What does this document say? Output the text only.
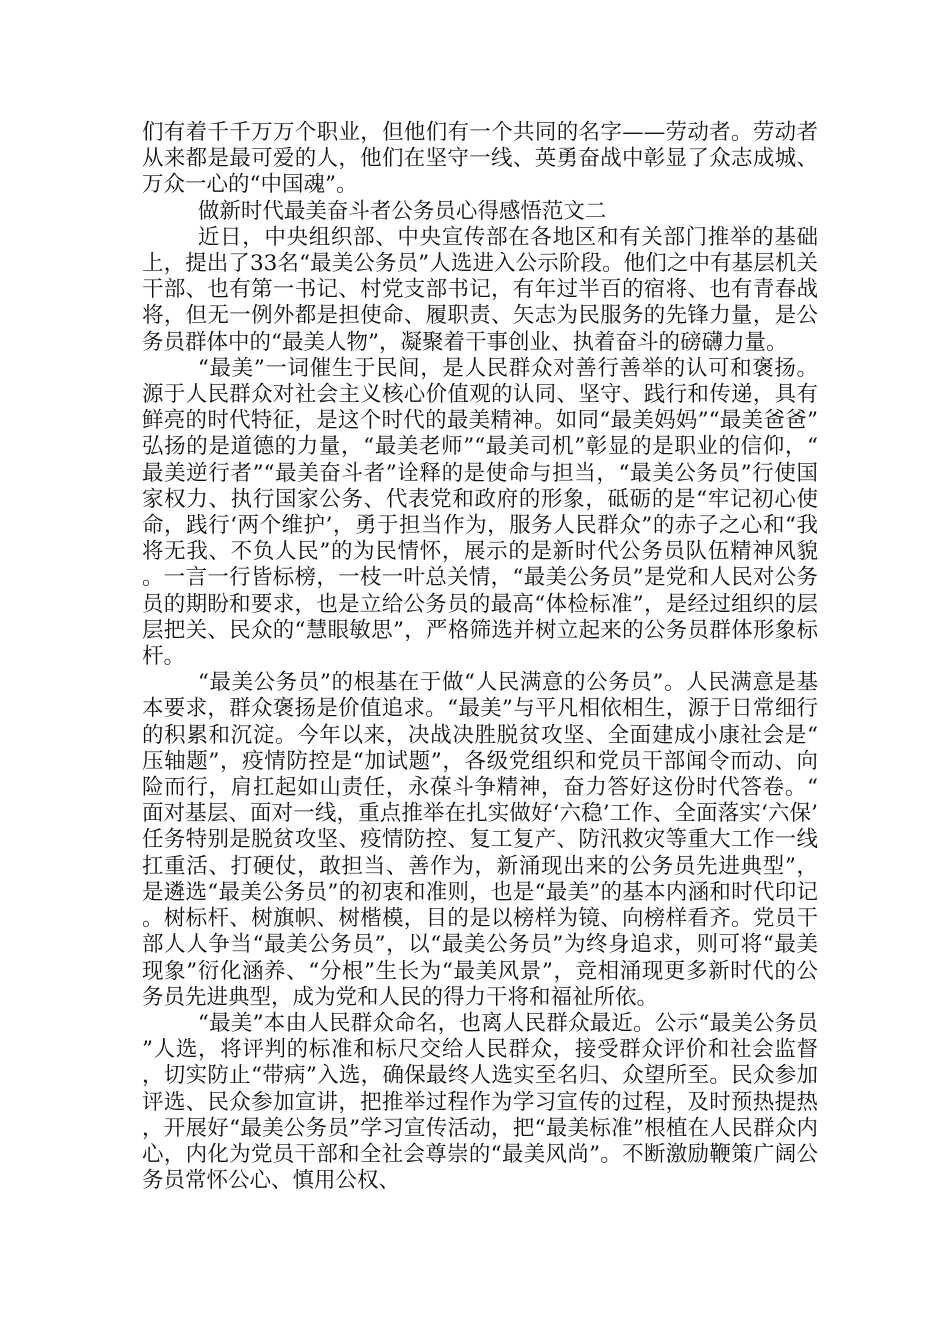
们有着千千万万个职业，但他们有一个共同的名字——劳动者。劳动者从来都是最可爱的人，他们在坚守一线、英勇奋战中彰显了众志成城、万众一心的“中国魂”。

做新时代最美奋斗者公务员心得感悟范文二

近日，中央组织部、中央宣传部在各地区和有关部门推举的基础上，提出了33名“最美公务员”人选进入公示阶段。他们之中有基层机关干部、也有第一书记、村党支部书记，有年过半百的宿将、也有青春战将，但无一例外都是担使命、履职责、矢志为民服务的先锋力量，是公务员群体中的“最美人物”，凝聚着干事创业、执着奋斗的磅礴力量。

“最美”一词催生于民间，是人民群众对善行善举的认可和褒扬。源于人民群众对社会主义核心价值观的认同、坚守、践行和传递，具有鲜亮的时代特征，是这个时代的最美精神。如同“最美妈妈”“最美爸爸”弘扬的是道德的力量，“最美老师”“最美司机”彰显的是职业的信仰，“最美逆行者”“最美奋斗者”诠释的是使命与担当，“最美公务员”行使国家权力、执行国家公务、代表党和政府的形象，砥砺的是“牢记初心使命，践行‘两个维护’，勇于担当作为，服务人民群众”的赤子之心和“我将无我、不负人民”的为民情怀，展示的是新时代公务员队伍精神风貌。一言一行皆标榜，一枝一叶总关情，“最美公务员”是党和人民对公务员的期盼和要求，也是立给公务员的最高“体检标准”，是经过组织的层层把关、民众的“慧眼敏思”，严格筛选并树立起来的公务员群体形象标杆。

“最美公务员”的根基在于做“人民满意的公务员”。人民满意是基本要求，群众褒扬是价值追求。“最美”与平凡相依相生，源于日常细行的积累和沉淀。今年以来，决战决胜脱贫攻坚、全面建成小康社会是“压轴题”，疫情防控是“加试题”，各级党组织和党员干部闻令而动、向险而行，肩扛起如山责任，永葆斗争精神，奋力答好这份时代答卷。“面对基层、面对一线，重点推举在扎实做好‘六稳’工作、全面落实‘六保’任务特别是脱贫攻坚、疫情防控、复工复产、防汛救灾等重大工作一线扛重活、打硬仗，敢担当、善作为，新涌现出来的公务员先进典型”，是遴选“最美公务员”的初衷和准则，也是“最美”的基本内涵和时代印记。树标杆、树旗帜、树楷模，目的是以榜样为镜、向榜样看齐。党员干部人人争当“最美公务员”，以“最美公务员”为终身追求，则可将“最美现象”衍化涵养、“分根”生长为“最美风景”，竞相涌现更多新时代的公务员先进典型，成为党和人民的得力干将和福祉所依。

“最美”本由人民群众命名，也离人民群众最近。公示“最美公务员”人选，将评判的标准和标尺交给人民群众，接受群众评价和社会监督，切实防止“带病”入选，确保最终人选实至名归、众望所至。民众参加评选、民众参加宣讲，把推举过程作为学习宣传的过程，及时预热提热，开展好“最美公务员”学习宣传活动，把“最美标准”根植在人民群众内心，内化为党员干部和全社会尊崇的“最美风尚”。不断激励鞭策广阔公务员常怀公心、慎用公权、
